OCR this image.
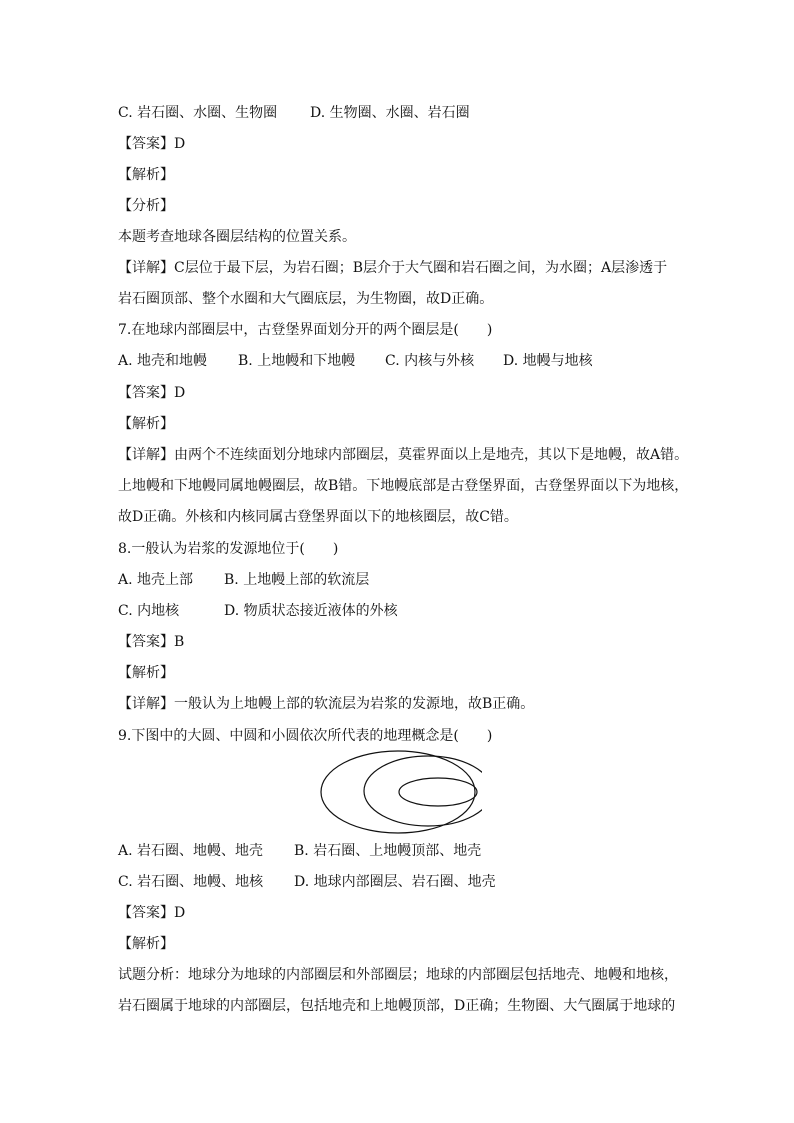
C. 岩石圈、水圈、生物圈 D. 生物圈、水圈、岩石圈
【答案】D
【解析】
【分析】
本题考查地球各圈层结构的位置关系。
【详解】C层位于最下层，为岩石圈；B层介于大气圈和岩石圈之间，为水圈；A层渗透于
岩石圈顶部、整个水圈和大气圈底层，为生物圈，故D正确。
7.在地球内部圈层中，古登堡界面划分开的两个圈层是(　　)
A. 地壳和地幔 B. 上地幔和下地幔 C. 内核与外核 D. 地幔与地核
【答案】D
【解析】
【详解】由两个不连续面划分地球内部圈层，莫霍界面以上是地壳，其以下是地幔，故A错。
上地幔和下地幔同属地幔圈层，故B错。下地幔底部是古登堡界面，古登堡界面以下为地核，
故D正确。外核和内核同属古登堡界面以下的地核圈层，故C错。
8.一般认为岩浆的发源地位于(　　)
A. 地壳上部 B. 上地幔上部的软流层
C. 内地核	D. 物质状态接近液体的外核
【答案】B
【解析】
【详解】一般认为上地幔上部的软流层为岩浆的发源地，故B正确。
9.下图中的大圆、中圆和小圆依次所代表的地理概念是(　　)
A. 岩石圈、地幔、地壳 B. 岩石圈、上地幔顶部、地壳
C. 岩石圈、地幔、地核 D. 地球内部圈层、岩石圈、地壳
【答案】D
【解析】
试题分析：地球分为地球的内部圈层和外部圈层；地球的内部圈层包括地壳、地幔和地核，
岩石圈属于地球的内部圈层，包括地壳和上地幔顶部，D正确；生物圈、大气圈属于地球的
